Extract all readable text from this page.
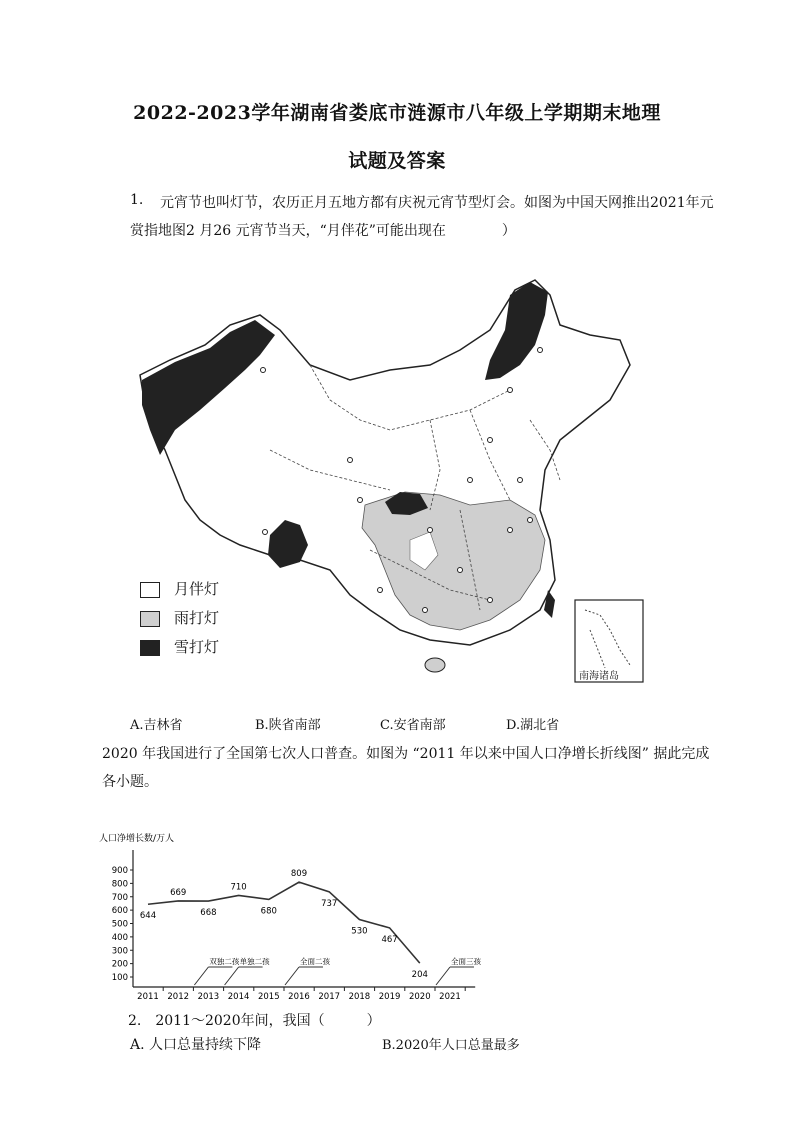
2022-2023学年湖南省娄底市涟源市八年级上学期期末地理
试题及答案
1. 元宵节也叫灯节，农历正月五地方都有庆祝元宵节型灯会。如图为中国天网推出2021年元
赏指地图2 月26 元宵节当天，“月伴花”可能出现在　　　　）
南海诸岛
月伴灯
雨打灯
雪打灯
A.吉林省	B.陕省南部	C.安省南部	D.湖北省
2020 年我国进行了全国第七次人口普查。如图为 “2011 年以来中国人口净增长折线图” 据此完成
各小题。
人口净增长数/万人
100
200
300
400
500
600
700
800
900
2011 2012 2013 2014 2015 2016 2017 2018 2019 2020 2021
644
669
668
710
680
809
737
530
467
204
双独二孩 单独二孩	全面二孩	全面三孩
2.　2011～2020年间，我国（　　　）
A. 人口总量持续下降	B.2020年人口总量最多
